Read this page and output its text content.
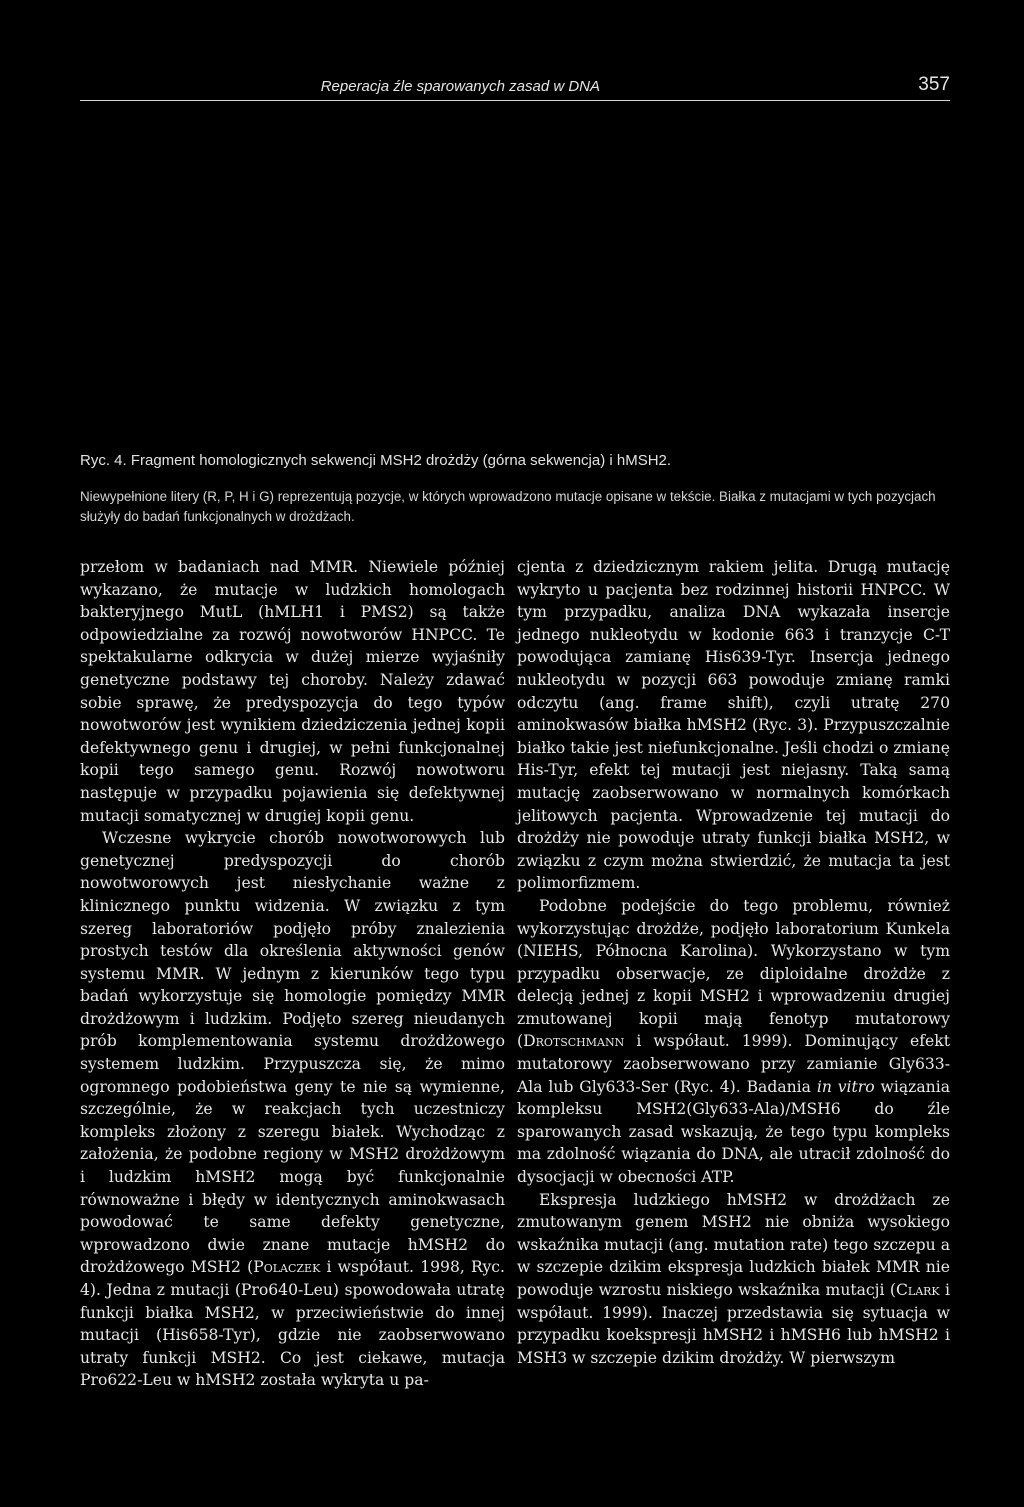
Reperacja źle sparowanych zasad w DNA	357
Ryc. 4. Fragment homologicznych sekwencji MSH2 drożdży (górna sekwencja) i hMSH2.
Niewypełnione litery (R, P, H i G) reprezentują pozycje, w których wprowadzono mutacje opisane w tekście. Białka z mutacjami w tych pozycjach służyły do badań funkcjonalnych w drożdżach.

przełom w badaniach nad MMR. Niewiele później wykazano, że mutacje w ludzkich homologach bakteryjnego MutL (hMLH1 i PMS2) są także odpowiedzialne za rozwój nowotworów HNPCC. Te spektakularne odkrycia w dużej mierze wyjaśniły genetyczne podstawy tej choroby. Należy zdawać sobie sprawę, że predyspozycja do tego typów nowotworów jest wynikiem dziedziczenia jednej kopii defektywnego genu i drugiej, w pełni funkcjonalnej kopii tego samego genu. Rozwój nowotworu następuje w przypadku pojawienia się defektywnej mutacji somatycznej w drugiej kopii genu.

Wczesne wykrycie chorób nowotworowych lub genetycznej predyspozycji do chorób nowotworowych jest niesłychanie ważne z klinicznego punktu widzenia. W związku z tym szereg laboratoriów podjęło próby znalezienia prostych testów dla określenia aktywności genów systemu MMR. W jednym z kierunków tego typu badań wykorzystuje się homologie pomiędzy MMR drożdżowym i ludzkim. Podjęto szereg nieudanych prób komplementowania systemu drożdżowego systemem ludzkim. Przypuszcza się, że mimo ogromnego podobieństwa geny te nie są wymienne, szczególnie, że w reakcjach tych uczestniczy kompleks złożony z szeregu białek. Wychodząc z założenia, że podobne regiony w MSH2 drożdżowym i ludzkim hMSH2 mogą być funkcjonalnie równoważne i błędy w identycznych aminokwasach powodować te same defekty genetyczne, wprowadzono dwie znane mutacje hMSH2 do drożdżowego MSH2 (Polaczek i współaut. 1998, Ryc. 4). Jedna z mutacji (Pro640-Leu) spowodowała utratę funkcji białka MSH2, w przeciwieństwie do innej mutacji (His658-Tyr), gdzie nie zaobserwowano utraty funkcji MSH2. Co jest ciekawe, mutacja Pro622-Leu w hMSH2 została wykryta u pa-

cjenta z dziedzicznym rakiem jelita. Drugą mutację wykryto u pacjenta bez rodzinnej historii HNPCC. W tym przypadku, analiza DNA wykazała insercje jednego nukleotydu w kodonie 663 i tranzycje C-T powodująca zamianę His639-Tyr. Insercja jednego nukleotydu w pozycji 663 powoduje zmianę ramki odczytu (ang. frame shift), czyli utratę 270 aminokwasów białka hMSH2 (Ryc. 3). Przypuszczalnie białko takie jest niefunkcjonalne. Jeśli chodzi o zmianę His-Tyr, efekt tej mutacji jest niejasny. Taką samą mutację zaobserwowano w normalnych komórkach jelitowych pacjenta. Wprowadzenie tej mutacji do drożdży nie powoduje utraty funkcji białka MSH2, w związku z czym można stwierdzić, że mutacja ta jest polimorfizmem.

Podobne podejście do tego problemu, również wykorzystując drożdże, podjęło laboratorium Kunkela (NIEHS, Północna Karolina). Wykorzystano w tym przypadku obserwacje, ze diploidalne drożdże z delecją jednej z kopii MSH2 i wprowadzeniu drugiej zmutowanej kopii mają fenotyp mutatorowy (Drotschmann i współaut. 1999). Dominujący efekt mutatorowy zaobserwowano przy zamianie Gly633-Ala lub Gly633-Ser (Ryc. 4). Badania in vitro wiązania kompleksu MSH2(Gly633-Ala)/MSH6 do źle sparowanych zasad wskazują, że tego typu kompleks ma zdolność wiązania do DNA, ale utracił zdolność do dysocjacji w obecności ATP.

Ekspresja ludzkiego hMSH2 w drożdżach ze zmutowanym genem MSH2 nie obniża wysokiego wskaźnika mutacji (ang. mutation rate) tego szczepu a w szczepie dzikim ekspresja ludzkich białek MMR nie powoduje wzrostu niskiego wskaźnika mutacji (Clark i współaut. 1999). Inaczej przedstawia się sytuacja w przypadku koekspresji hMSH2 i hMSH6 lub hMSH2 i MSH3 w szczepie dzikim drożdży. W pierwszym
